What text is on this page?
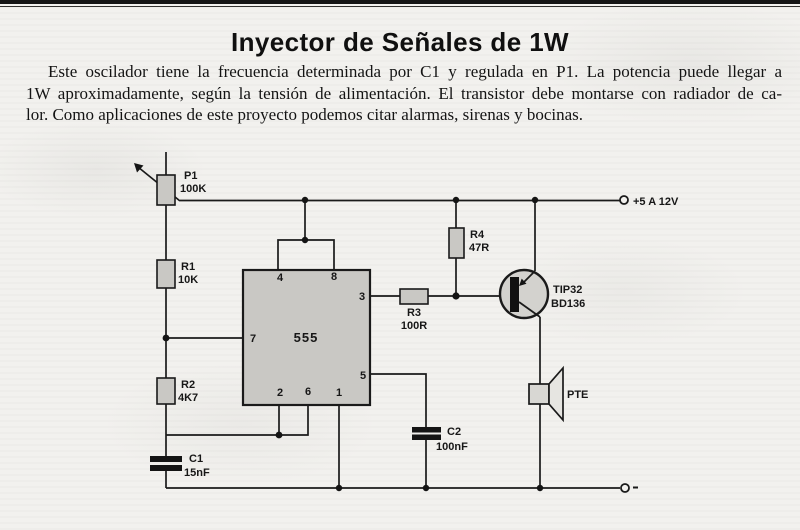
Inyector de Señales de 1W
Este oscilador tiene la frecuencia determinada por C1 y regulada en P1. La potencia puede llegar a
1W aproximadamente, según la tensión de alimentación. El transistor debe montarse con radiador de ca-
lor. Como aplicaciones de este proyecto podemos citar alarmas, sirenas y bocinas.
P1
100K
R1
10K
R2
4K7
C1
15nF
555
4	8
3
7
5
2 6 1
R3
100R
R4
47R
C2
100nF
TIP32
BD136
PTE
+5 A 12V
